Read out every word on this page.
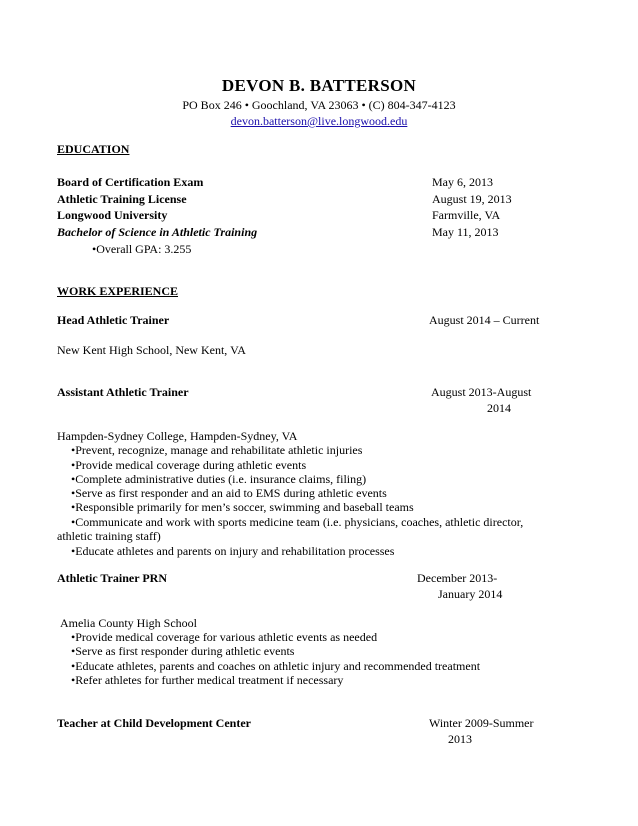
DEVON B. BATTERSON
PO Box 246 • Goochland, VA 23063 • (C) 804-347-4123
devon.batterson@live.longwood.edu
EDUCATION
Board of Certification Exam	May 6, 2013
Athletic Training License	August 19, 2013
Longwood University	Farmville, VA
Bachelor of Science in Athletic Training	May 11, 2013
•Overall GPA: 3.255
WORK EXPERIENCE
Head Athletic Trainer	August 2014 – Current
New Kent High School, New Kent, VA
Assistant Athletic Trainer	August 2013-August
2014
Hampden-Sydney College, Hampden-Sydney, VA
•Prevent, recognize, manage and rehabilitate athletic injuries
•Provide medical coverage during athletic events
•Complete administrative duties (i.e. insurance claims, filing)
•Serve as first responder and an aid to EMS during athletic events
•Responsible primarily for men’s soccer, swimming and baseball teams
•Communicate and work with sports medicine team (i.e. physicians, coaches, athletic director,
athletic training staff)
•Educate athletes and parents on injury and rehabilitation processes
Athletic Trainer PRN	December 2013-
January 2014
Amelia County High School
•Provide medical coverage for various athletic events as needed
•Serve as first responder during athletic events
•Educate athletes, parents and coaches on athletic injury and recommended treatment
•Refer athletes for further medical treatment if necessary
Teacher at Child Development Center	Winter 2009-Summer
2013
